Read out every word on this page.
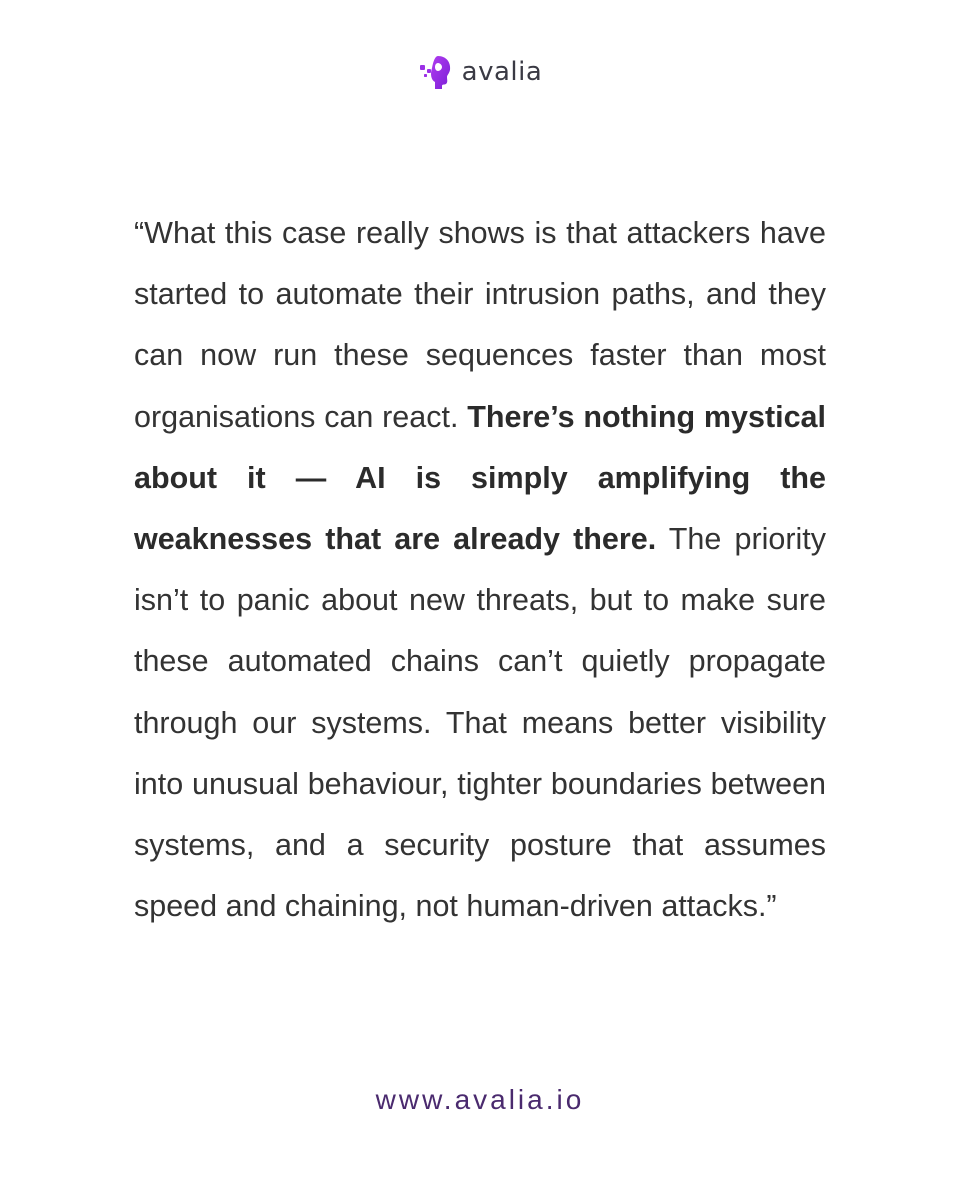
avalia

“What this case really shows is that attackers have started to automate their intrusion paths, and they can now run these sequences faster than most organisations can react. There’s nothing mystical about it — AI is simply amplifying the weaknesses that are already there. The priority isn’t to panic about new threats, but to make sure these automated chains can’t quietly propagate through our systems. That means better visibility into unusual behaviour, tighter boundaries between systems, and a security posture that assumes speed and chaining, not human-driven attacks.”

www.avalia.io
